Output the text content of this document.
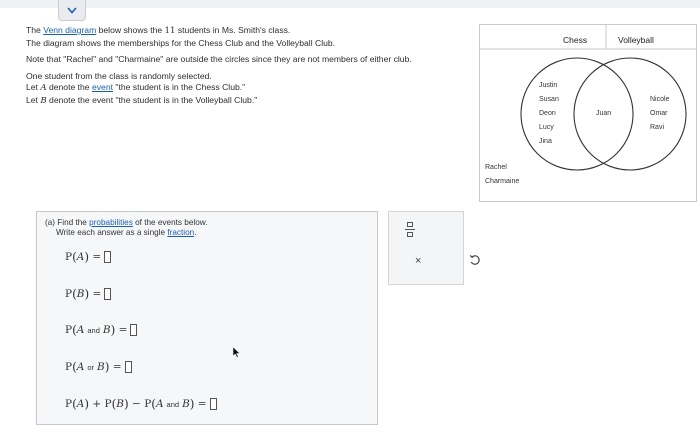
The Venn diagram below shows the 11 students in Ms. Smith's class.
The diagram shows the memberships for the Chess Club and the Volleyball Club.

Note that "Rachel" and "Charmaine" are outside the circles since they are not members of either club.

One student from the class is randomly selected.
Let A denote the event "the student is in the Chess Club."
Let B denote the event "the student is in the Volleyball Club."

Chess	Volleyball
Justin
Susan
Deon
Lucy
Jina
Juan
Nicole
Omar
Ravi
Rachel
Charmaine
(a) Find the probabilities of the events below.
Write each answer as a single fraction.
P ( A ) =
P ( B ) =
P ( A and B ) =
P ( A or B ) =
P ( A ) + P ( B ) − P ( A and B ) =
×
